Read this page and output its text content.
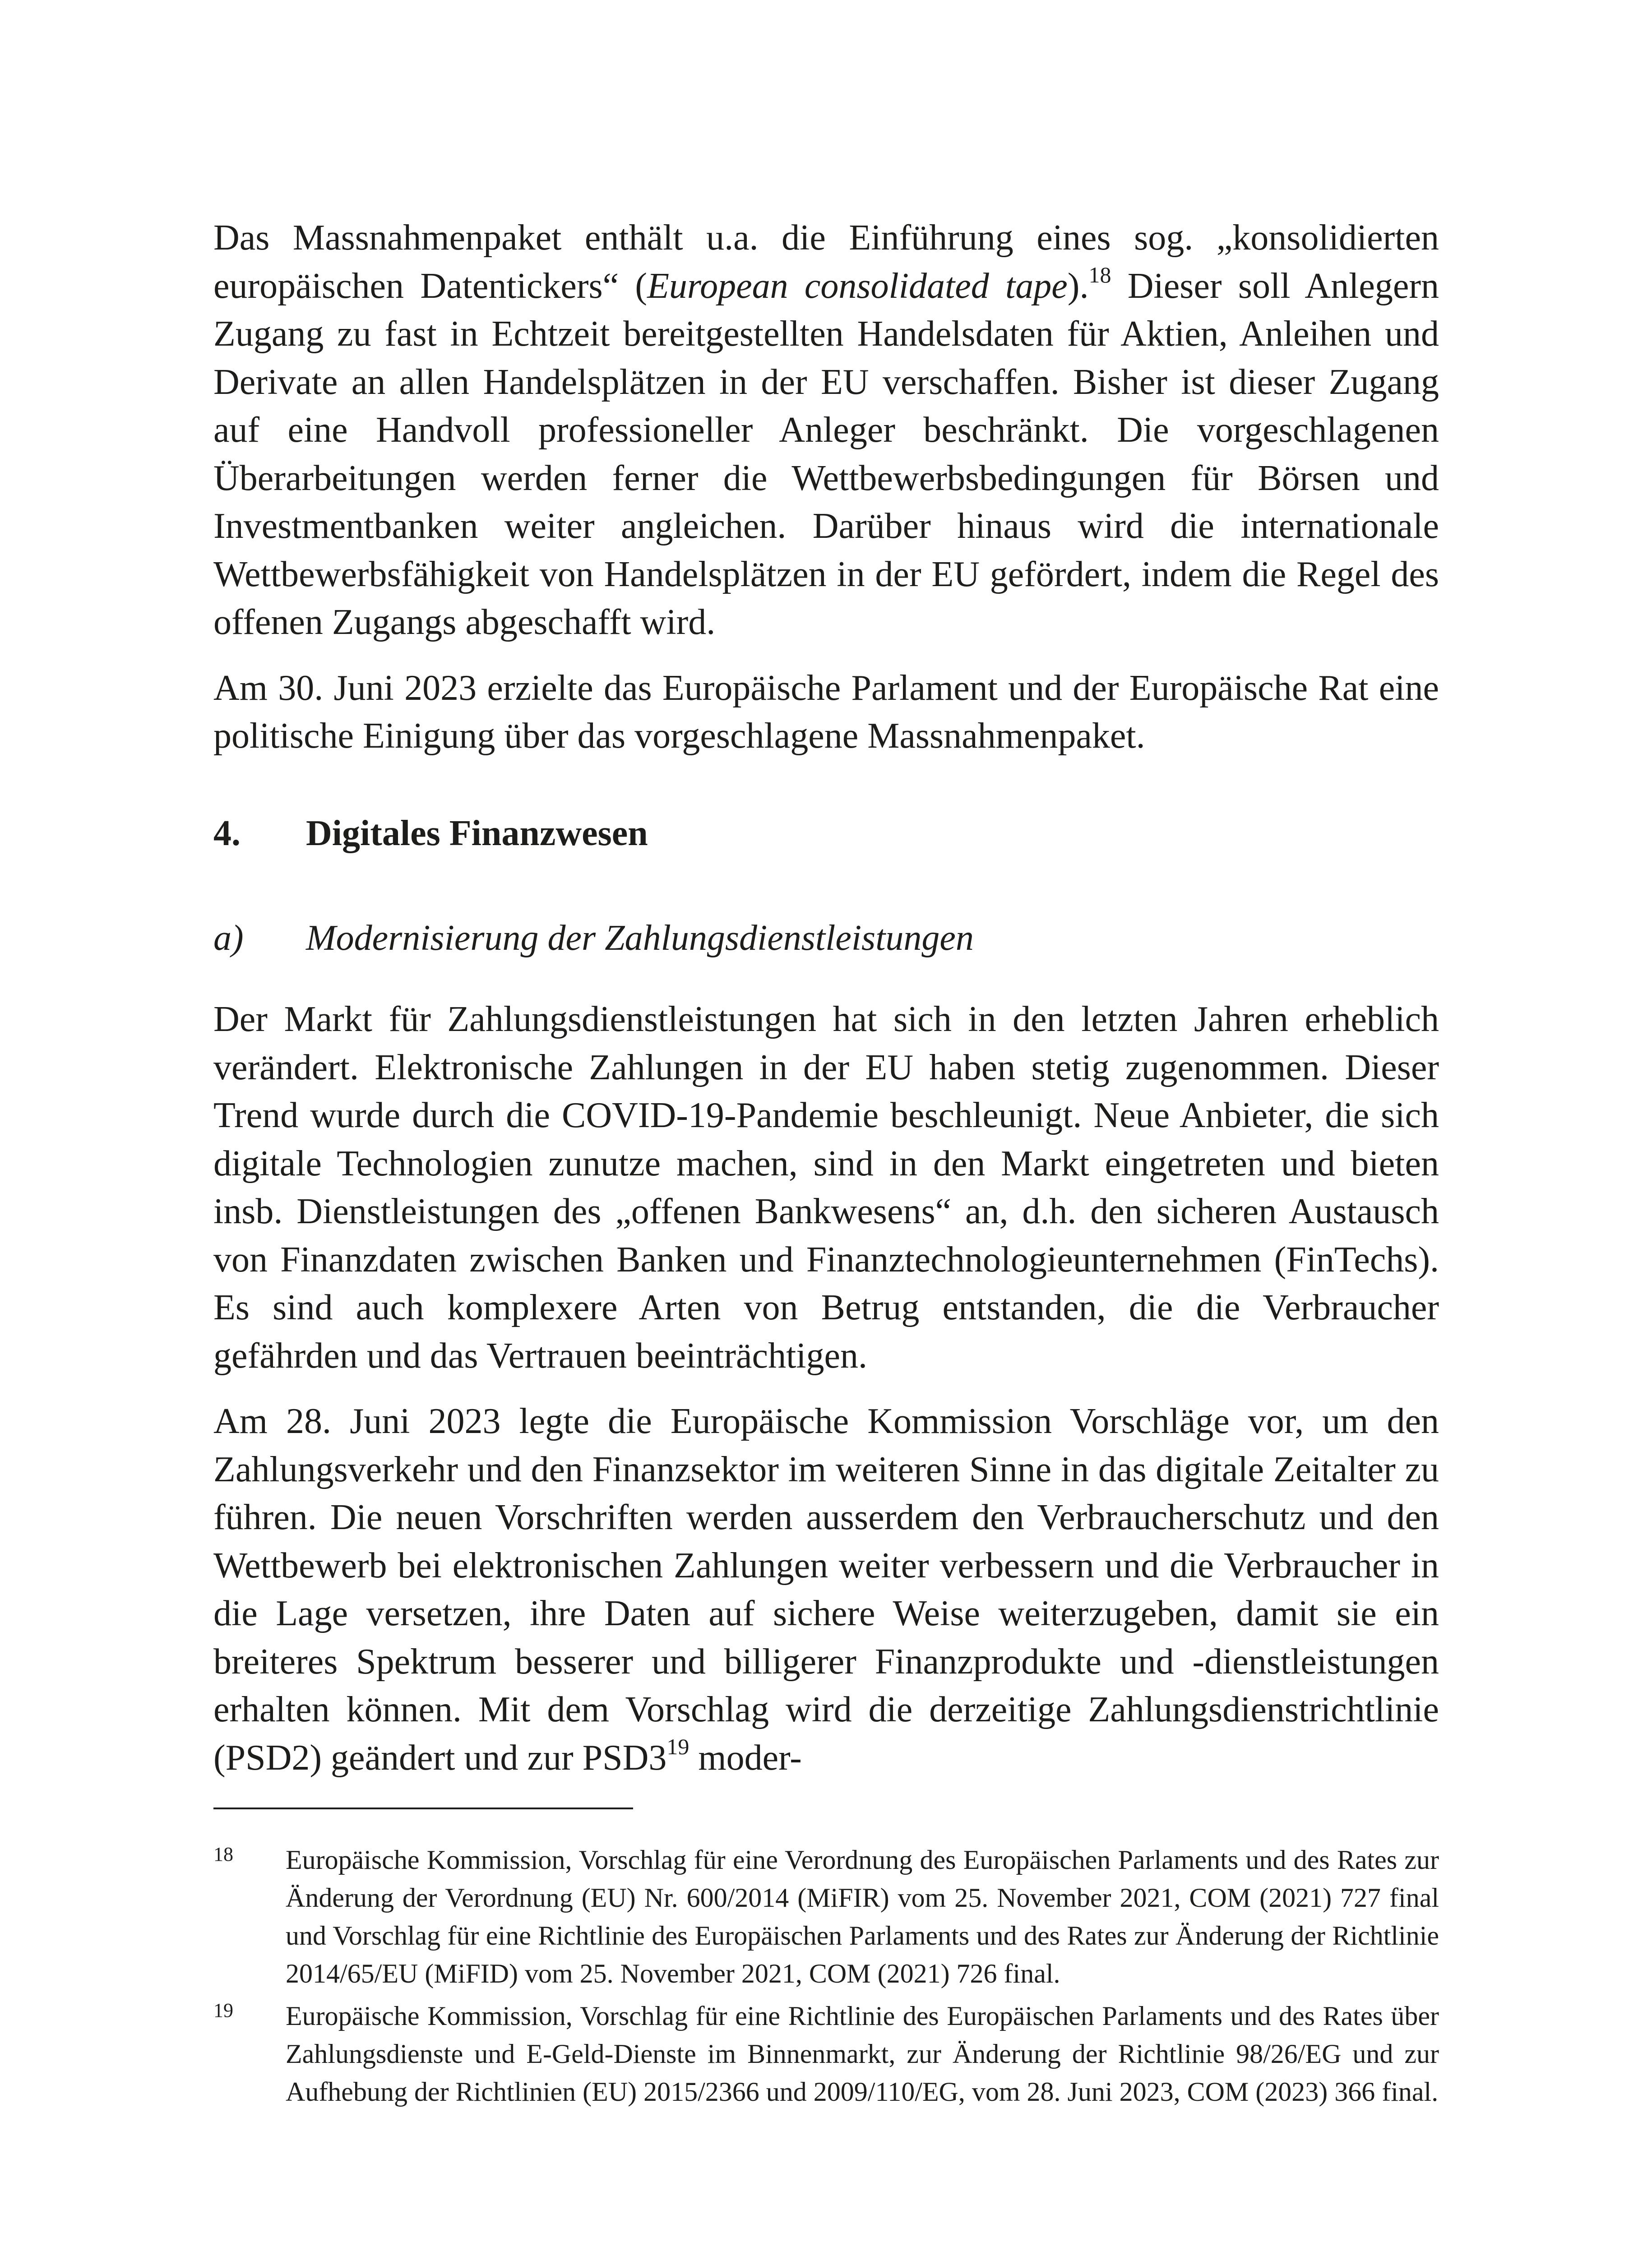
Das Massnahmenpaket enthält u.a. die Einführung eines sog. „konsolidierten europäischen Datentickers“ (European consolidated tape).$^{18}$ Dieser soll Anlegern Zugang zu fast in Echtzeit bereitgestellten Handelsdaten für Aktien, Anleihen und Derivate an allen Handelsplätzen in der EU verschaffen. Bisher ist dieser Zugang auf eine Handvoll professioneller Anleger beschränkt. Die vorgeschlagenen Überarbeitungen werden ferner die Wettbewerbsbedingungen für Börsen und Investmentbanken weiter angleichen. Darüber hinaus wird die internationale Wettbewerbsfähigkeit von Handelsplätzen in der EU gefördert, indem die Regel des offenen Zugangs abgeschafft wird.

Am 30. Juni 2023 erzielte das Europäische Parlament und der Europäische Rat eine politische Einigung über das vorgeschlagene Massnahmenpaket.

4. Digitales Finanzwesen
a) Modernisierung der Zahlungsdienstleistungen

Der Markt für Zahlungsdienstleistungen hat sich in den letzten Jahren erheblich verändert. Elektronische Zahlungen in der EU haben stetig zugenommen. Dieser Trend wurde durch die COVID-19-Pandemie beschleunigt. Neue Anbieter, die sich digitale Technologien zunutze machen, sind in den Markt eingetreten und bieten insb. Dienstleistungen des „offenen Bankwesens“ an, d.h. den sicheren Austausch von Finanzdaten zwischen Banken und Finanztechnologieunternehmen (FinTechs). Es sind auch komplexere Arten von Betrug entstanden, die die Verbraucher gefährden und das Vertrauen beeinträchtigen.

Am 28. Juni 2023 legte die Europäische Kommission Vorschläge vor, um den Zahlungsverkehr und den Finanzsektor im weiteren Sinne in das digitale Zeitalter zu führen. Die neuen Vorschriften werden ausserdem den Verbraucherschutz und den Wettbewerb bei elektronischen Zahlungen weiter verbessern und die Verbraucher in die Lage versetzen, ihre Daten auf sichere Weise weiterzugeben, damit sie ein breiteres Spektrum besserer und billigerer Finanzprodukte und -dienstleistungen erhalten können. Mit dem Vorschlag wird die derzeitige Zahlungsdienstrichtlinie (PSD2) geändert und zur $PSD3^{19}$ moder-

18	Europäische Kommission, Vorschlag für eine Verordnung des Europäischen Parlaments und des Rates zur Änderung der Verordnung (EU) Nr. 600/2014 (MiFIR) vom 25. November 2021, COM (2021) 727 final und Vorschlag für eine Richtlinie des Europäischen Parlaments und des Rates zur Änderung der Richtlinie 2014/65/EU (MiFID) vom 25. November 2021, COM (2021) 726 final.
19	Europäische Kommission, Vorschlag für eine Richtlinie des Europäischen Parlaments und des Rates über Zahlungsdienste und E-Geld-Dienste im Binnenmarkt, zur Änderung der Richtlinie 98/26/EG und zur Aufhebung der Richtlinien (EU) 2015/2366 und 2009/110/EG, vom 28. Juni 2023, COM (2023) 366 final.
